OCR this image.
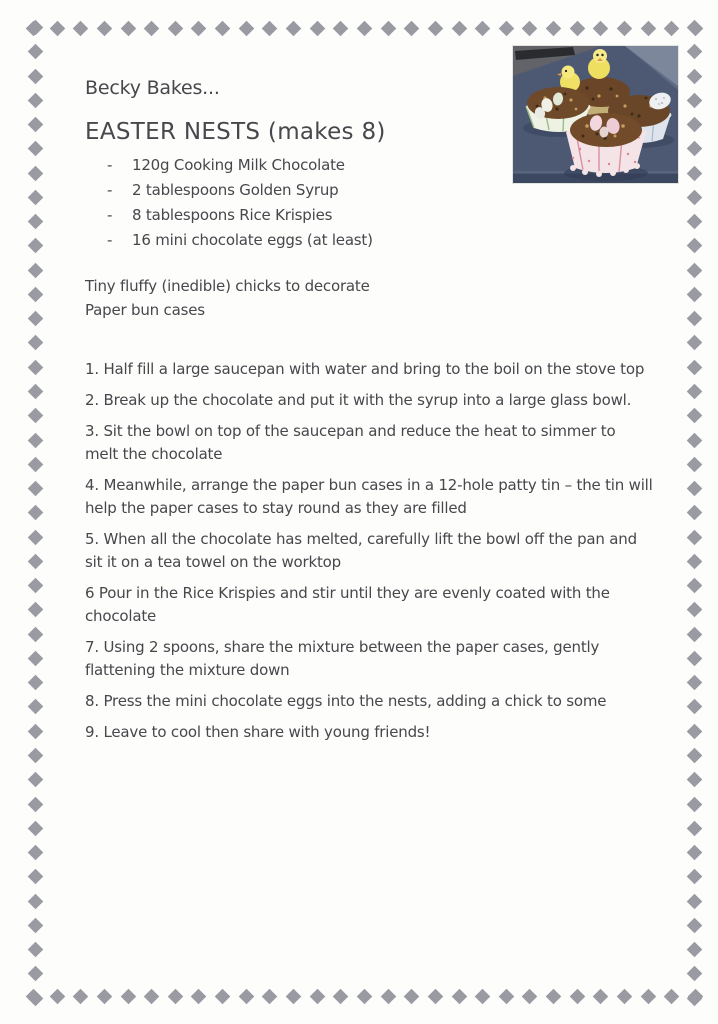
Becky Bakes...
EASTER NESTS (makes 8)
-	120g Cooking Milk Chocolate
-	2 tablespoons Golden Syrup
-	8 tablespoons Rice Krispies
-	16 mini chocolate eggs (at least)
Tiny fluffy (inedible) chicks to decorate
Paper bun cases

1. Half fill a large saucepan with water and bring to the boil on the stove top

2. Break up the chocolate and put it with the syrup into a large glass bowl.

3. Sit the bowl on top of the saucepan and reduce the heat to simmer to melt the chocolate

4. Meanwhile, arrange the paper bun cases in a 12-hole patty tin – the tin will help the paper cases to stay round as they are filled

5. When all the chocolate has melted, carefully lift the bowl off the pan and sit it on a tea towel on the worktop

6 Pour in the Rice Krispies and stir until they are evenly coated with the chocolate

7. Using 2 spoons, share the mixture between the paper cases, gently flattening the mixture down

8. Press the mini chocolate eggs into the nests, adding a chick to some

9. Leave to cool then share with young friends!
